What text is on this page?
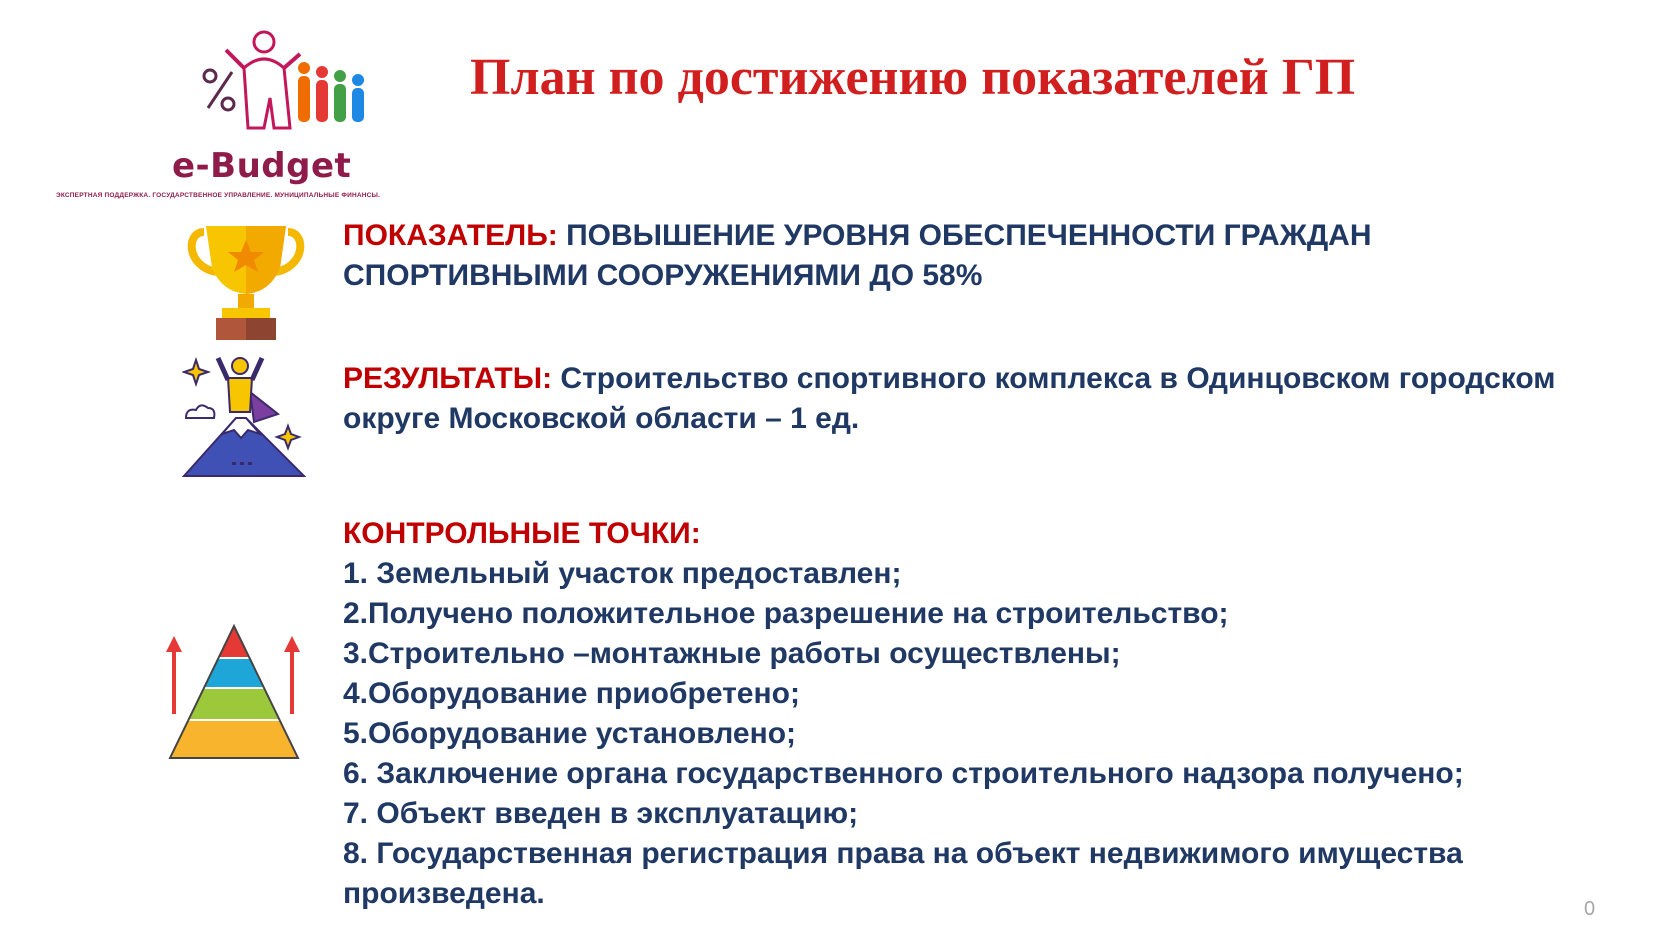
e-Budget
ЭКСПЕРТНАЯ ПОДДЕРЖКА. ГОСУДАРСТВЕННОЕ УПРАВЛЕНИЕ. МУНИЦИПАЛЬНЫЕ ФИНАНСЫ.
План по достижению показателей ГП

ПОКАЗАТЕЛЬ: ПОВЫШЕНИЕ УРОВНЯ ОБЕСПЕЧЕННОСТИ ГРАЖДАН СПОРТИВНЫМИ СООРУЖЕНИЯМИ ДО 58%

РЕЗУЛЬТАТЫ: Строительство спортивного комплекса в Одинцовском городском округе Московской области – 1 ед.

КОНТРОЛЬНЫЕ ТОЧКИ:
1. Земельный участок предоставлен;
2.Получено положительное разрешение на строительство;
3.Строительно –монтажные работы осуществлены;
4.Оборудование приобретено;
5.Оборудование установлено;
6. Заключение органа государственного строительного надзора получено;
7. Объект введен в эксплуатацию;
8. Государственная регистрация права на объект недвижимого имущества произведена.	0
